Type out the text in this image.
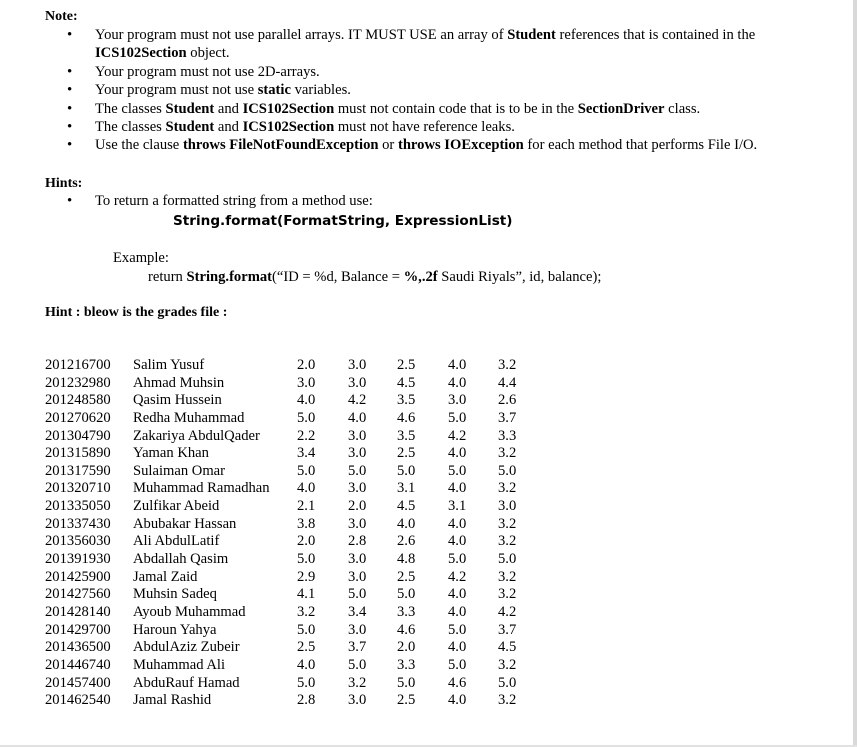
Note:
• Your program must not use parallel arrays. IT MUST USE an array of Student references that is contained in the
ICS102Section object.
• Your program must not use 2D-arrays.
• Your program must not use static variables.
• The classes Student and ICS102Section must not contain code that is to be in the SectionDriver class.
• The classes Student and ICS102Section must not have reference leaks.
• Use the clause throws FileNotFoundException or throws IOException for each method that performs File I/O.
Hints:
• To return a formatted string from a method use:
String.format(FormatString, ExpressionList)
Example:
return String.format(“ID = %d, Balance = %,.2f Saudi Riyals”, id, balance);
Hint : bleow is the grades file :
201216700 Salim Yusuf	2.0 3.0 2.5 4.0 3.2
201232980 Ahmad Muhsin	3.0 3.0 4.5 4.0 4.4
201248580 Qasim Hussein	4.0 4.2 3.5 3.0 2.6
201270620 Redha Muhammad	5.0 4.0 4.6 5.0 3.7
201304790 Zakariya AbdulQader	2.2 3.0 3.5 4.2 3.3
201315890 Yaman Khan	3.4 3.0 2.5 4.0 3.2
201317590 Sulaiman Omar	5.0 5.0 5.0 5.0 5.0
201320710 Muhammad Ramadhan 4.0 3.0 3.1 4.0 3.2
201335050 Zulfikar Abeid	2.1 2.0 4.5 3.1 3.0
201337430 Abubakar Hassan	3.8 3.0 4.0 4.0 3.2
201356030 Ali AbdulLatif	2.0 2.8 2.6 4.0 3.2
201391930 Abdallah Qasim	5.0 3.0 4.8 5.0 5.0
201425900 Jamal Zaid	2.9 3.0 2.5 4.2 3.2
201427560 Muhsin Sadeq	4.1 5.0 5.0 4.0 3.2
201428140 Ayoub Muhammad	3.2 3.4 3.3 4.0 4.2
201429700 Haroun Yahya	5.0 3.0 4.6 5.0 3.7
201436500 AbdulAziz Zubeir	2.5 3.7 2.0 4.0 4.5
201446740 Muhammad Ali	4.0 5.0 3.3 5.0 3.2
201457400 AbduRauf Hamad	5.0 3.2 5.0 4.6 5.0
201462540 Jamal Rashid	2.8 3.0 2.5 4.0 3.2
